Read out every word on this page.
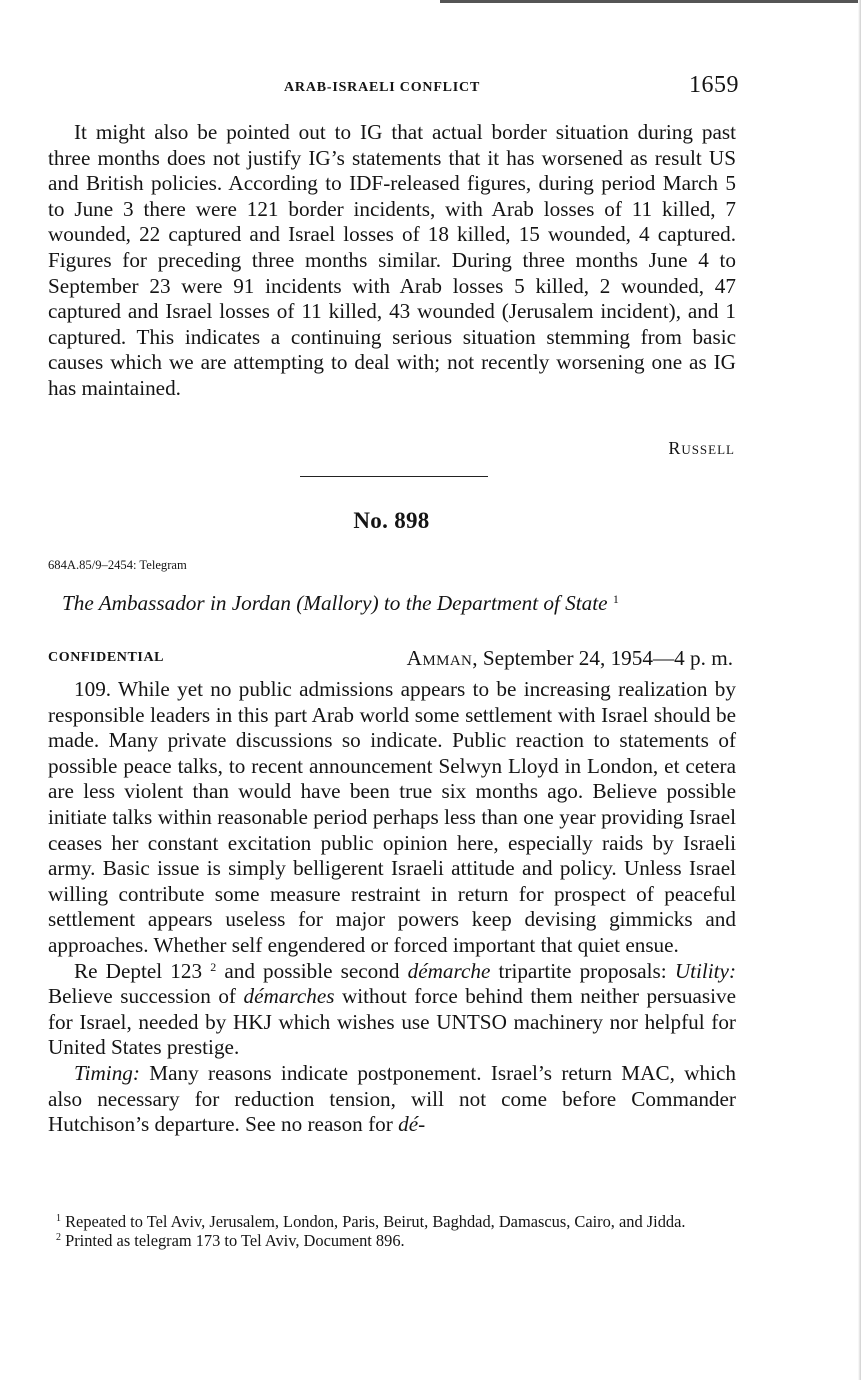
ARAB-ISRAELI CONFLICT	1659

It might also be pointed out to IG that actual border situation during past three months does not justify IG’s statements that it has worsened as result US and British policies. According to IDF-released figures, during period March 5 to June 3 there were 121 border incidents, with Arab losses of 11 killed, 7 wounded, 22 captured and Israel losses of 18 killed, 15 wounded, 4 captured. Figures for preceding three months similar. During three months June 4 to September 23 were 91 incidents with Arab losses 5 killed, 2 wounded, 47 captured and Israel losses of 11 killed, 43 wounded (Jerusalem incident), and 1 captured. This indicates a continuing serious situation stemming from basic causes which we are attempting to deal with; not recently worsening one as IG has maintained.

Russell
No. 898
684A.85/9–2454: Telegram
The Ambassador in Jordan (Mallory) to the Department of State $^1$
CONFIDENTIAL	Amman, September 24, 1954—4 p. m.

109. While yet no public admissions appears to be increasing realization by responsible leaders in this part Arab world some settlement with Israel should be made. Many private discussions so indicate. Public reaction to statements of possible peace talks, to recent announcement Selwyn Lloyd in London, et cetera are less violent than would have been true six months ago. Believe possible initiate talks within reasonable period perhaps less than one year providing Israel ceases her constant excitation public opinion here, especially raids by Israeli army. Basic issue is simply belligerent Israeli attitude and policy. Unless Israel willing contribute some measure restraint in return for prospect of peaceful settlement appears useless for major powers keep devising gimmicks and approaches. Whether self engendered or forced important that quiet ensue.

Re Deptel 123 $^2$ and possible second démarche tripartite proposals: Utility: Believe succession of démarches without force behind them neither persuasive for Israel, needed by HKJ which wishes use UNTSO machinery nor helpful for United States prestige.

Timing: Many reasons indicate postponement. Israel’s return MAC, which also necessary for reduction tension, will not come before Commander Hutchison’s departure. See no reason for dé-

$^1$ Repeated to Tel Aviv, Jerusalem, London, Paris, Beirut, Baghdad, Damascus, Cairo, and Jidda.

$^2$ Printed as telegram 173 to Tel Aviv, Document 896.
